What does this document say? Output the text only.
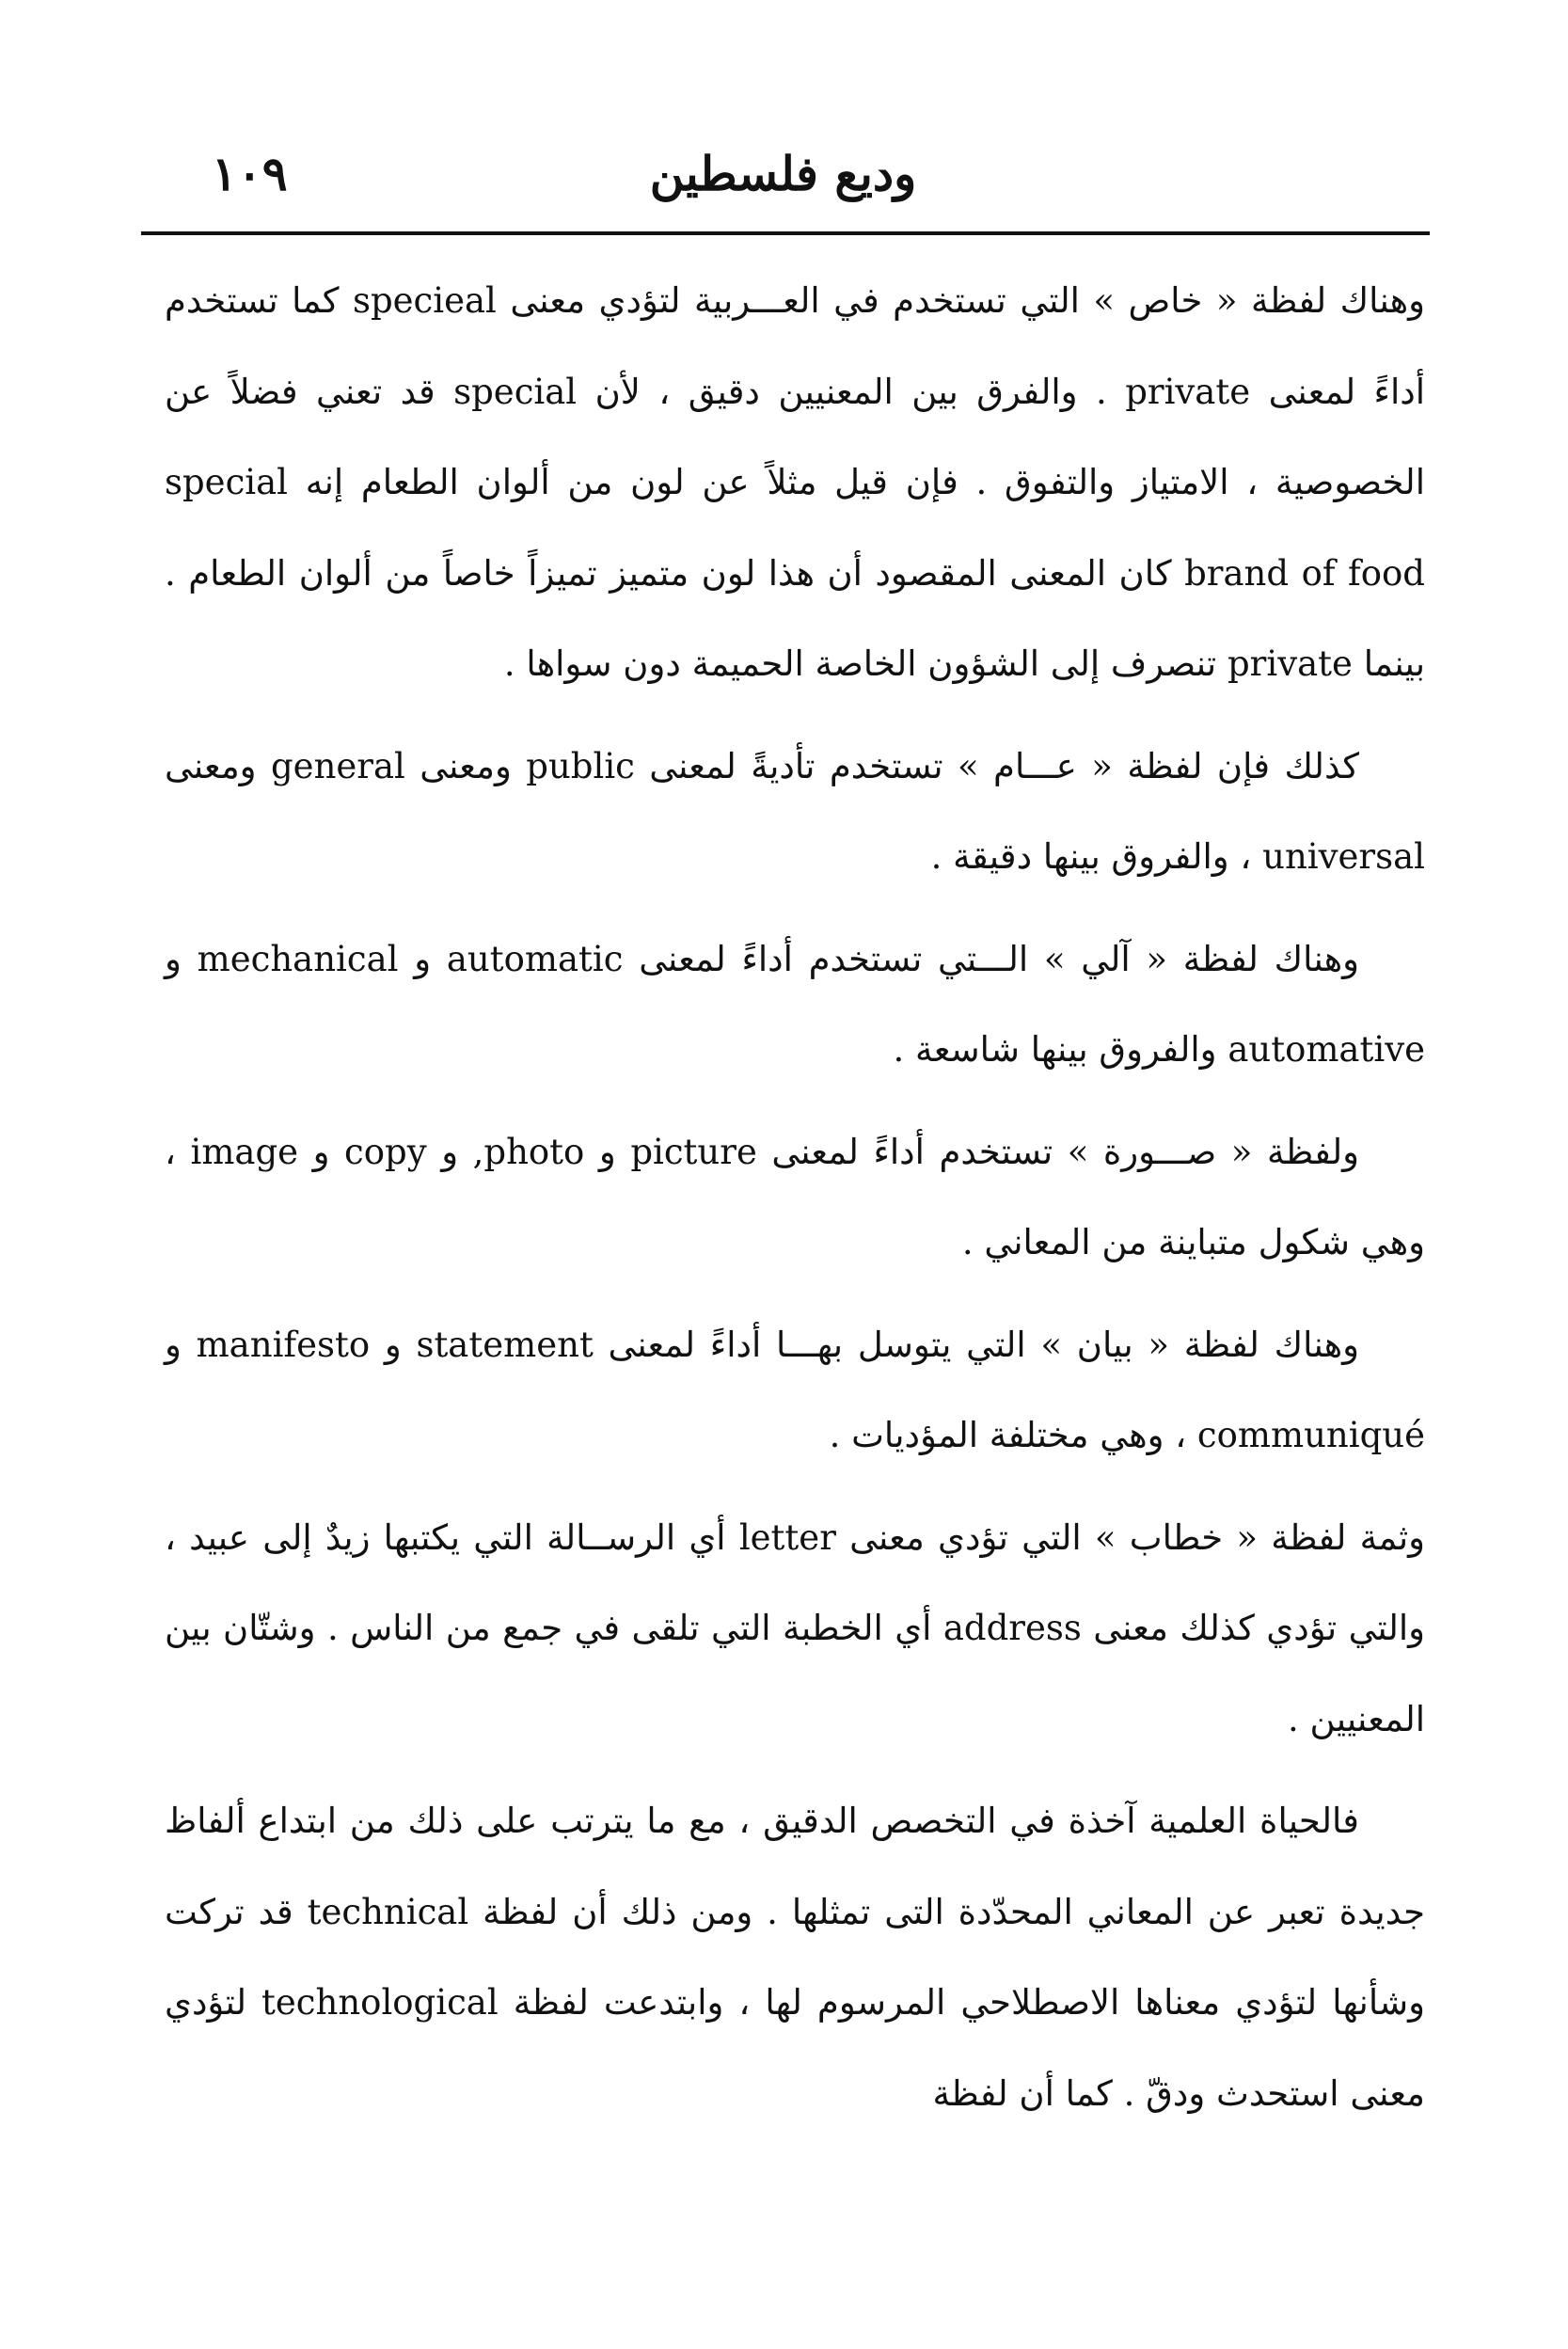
وديع فلسطين
١٠٩

وهناك لفظة « خاص » التي تستخدم في العـــربية لتؤدي معنى specieal كما تستخدم أداءً لمعنى private . والفرق بين المعنيين دقيق ، لأن special قد تعني فضلاً عن الخصوصية ، الامتياز والتفوق . فإن قيل مثلاً عن لون من ألوان الطعام إنه special brand of food كان المعنى المقصود أن هذا لون متميز تميزاً خاصاً من ألوان الطعام . بينما private تنصرف إلى الشؤون الخاصة الحميمة دون سواها .

كذلك فإن لفظة « عـــام » تستخدم تأديةً لمعنى public ومعنى general ومعنى universal ، والفروق بينها دقيقة .

وهناك لفظة « آلي » الـــتي تستخدم أداءً لمعنى automatic و mechanical و automative والفروق بينها شاسعة .

ولفظة « صـــورة » تستخدم أداءً لمعنى picture و photo, و copy و image ، وهي شكول متباينة من المعاني .

وهناك لفظة « بيان » التي يتوسل بهـــا أداءً لمعنى statement و manifesto و communiqué ، وهي مختلفة المؤديات .

وثمة لفظة « خطاب » التي تؤدي معنى letter أي الرســالة التي يكتبها زيدٌ إلى عبيد ، والتي تؤدي كذلك معنى address أي الخطبة التي تلقى في جمع من الناس . وشتّان بين المعنيين .

فالحياة العلمية آخذة في التخصص الدقيق ، مع ما يترتب على ذلك من ابتداع ألفاظ جديدة تعبر عن المعاني المحدّدة التى تمثلها . ومن ذلك أن لفظة technical قد تركت وشأنها لتؤدي معناها الاصطلاحي المرسوم لها ، وابتدعت لفظة technological لتؤدي معنى استحدث ودقّ . كما أن لفظة
